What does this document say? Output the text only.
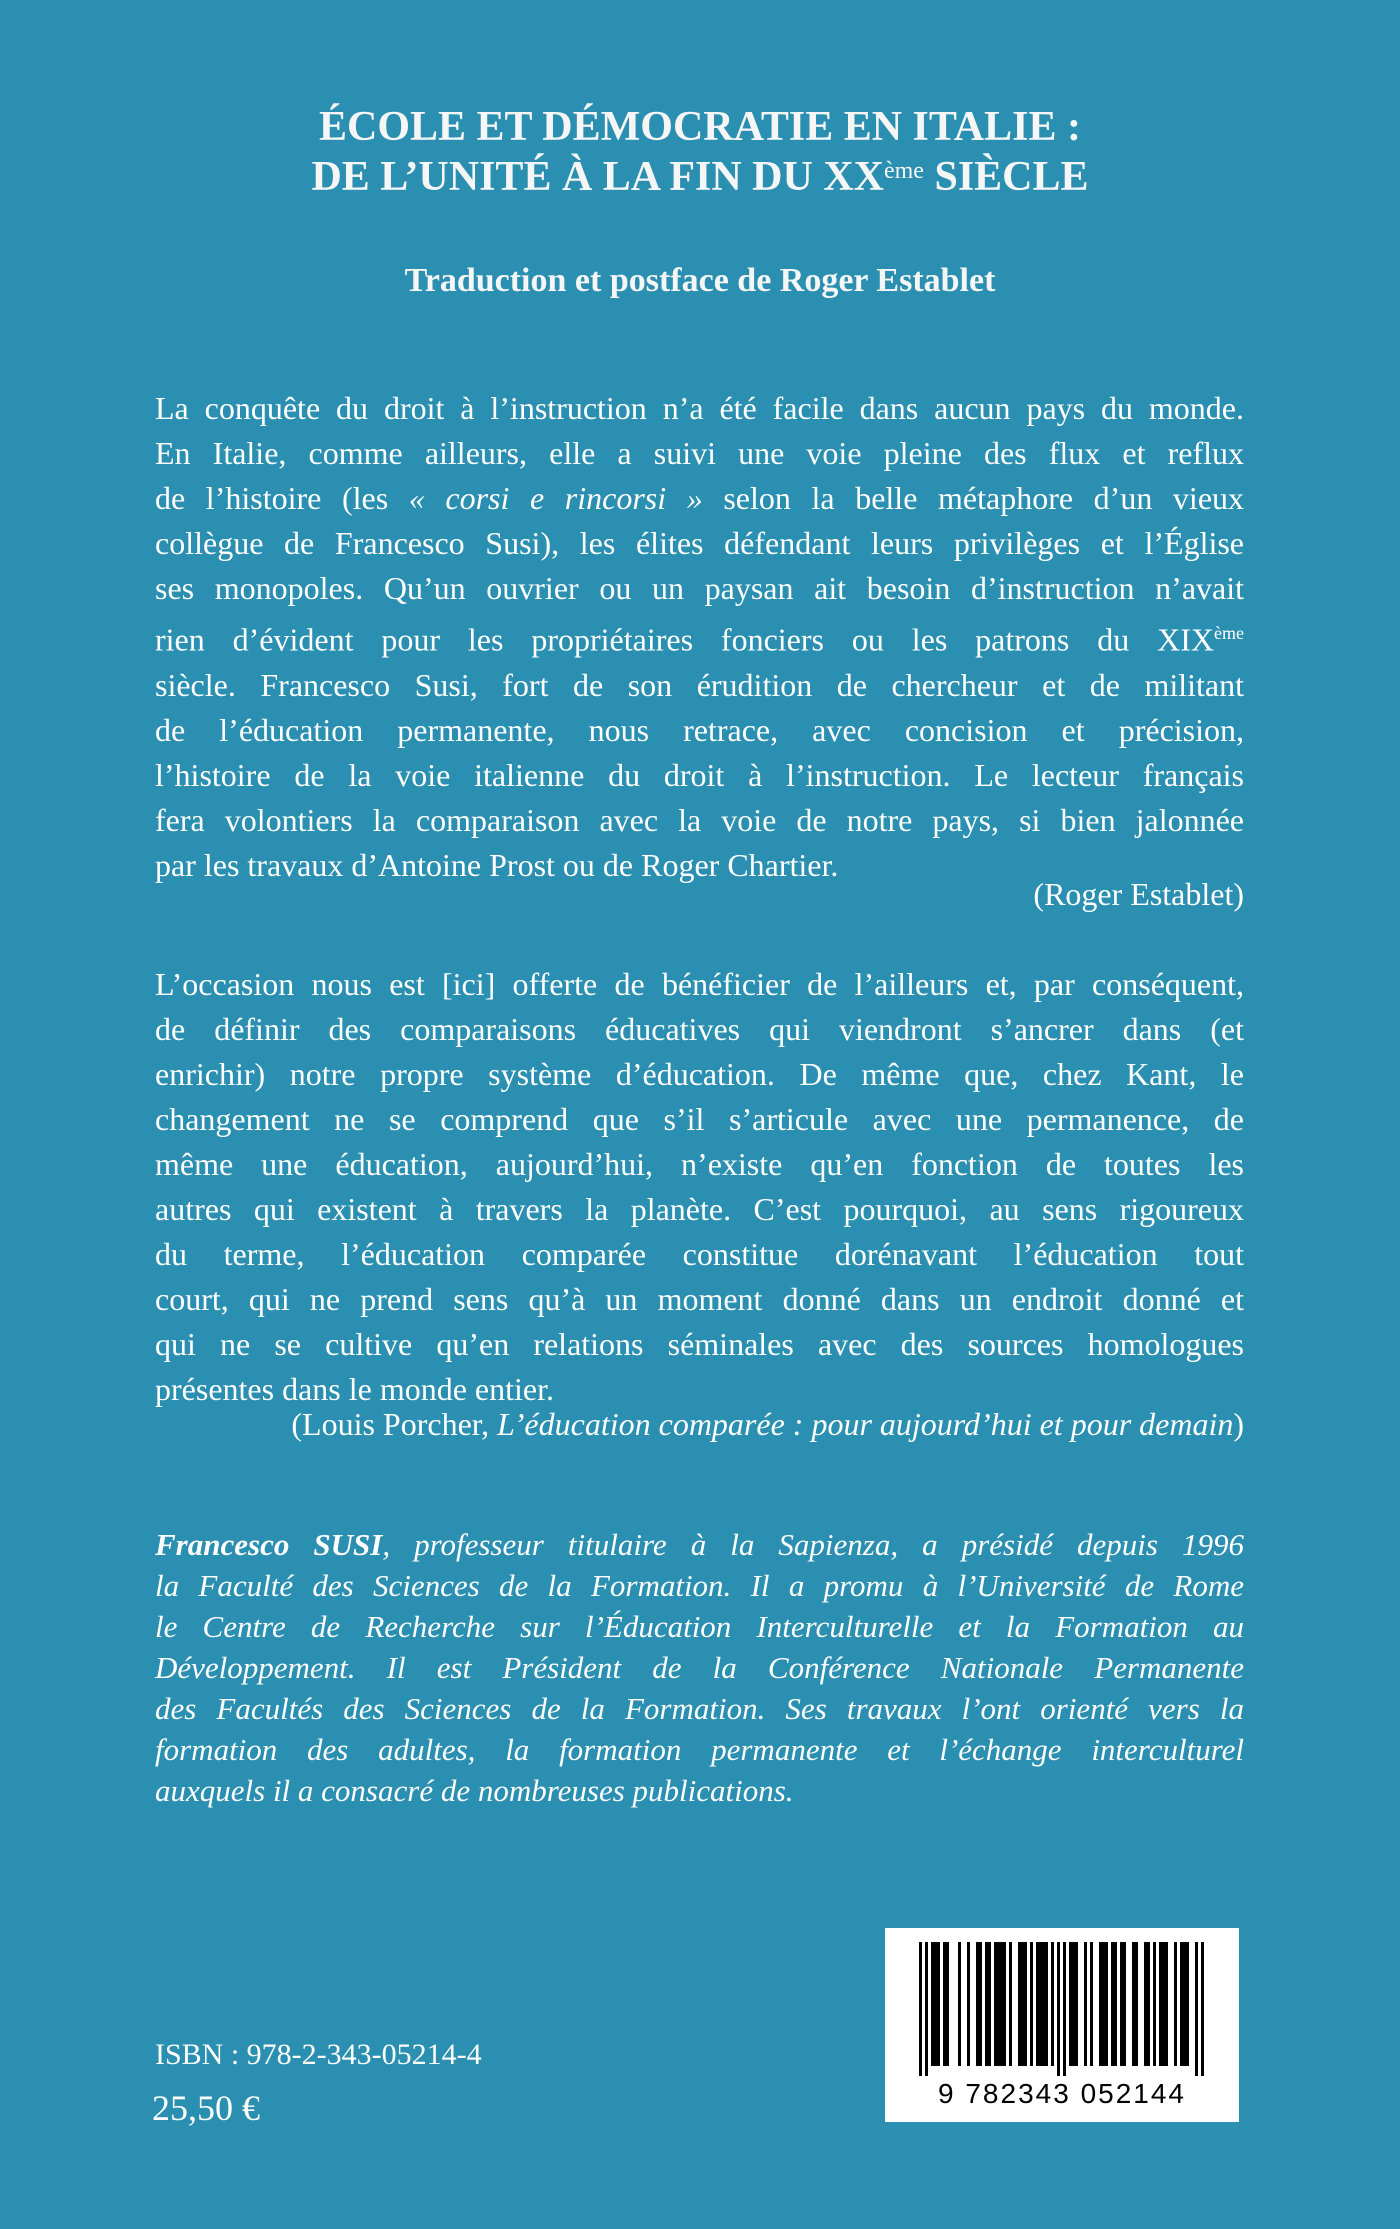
ÉCOLE ET DÉMOCRATIE EN ITALIE :
DE L’UNITÉ À LA FIN DU XXème SIÈCLE
Traduction et postface de Roger Establet
La conquête du droit à l’instruction n’a été facile dans aucun pays du monde.
En Italie, comme ailleurs, elle a suivi une voie pleine des flux et reflux
de l’histoire (les « corsi e rincorsi » selon la belle métaphore d’un vieux
collègue de Francesco Susi), les élites défendant leurs privilèges et l’Église
ses monopoles. Qu’un ouvrier ou un paysan ait besoin d’instruction n’avait
rien d’évident pour les propriétaires fonciers ou les patrons du XIXème
siècle. Francesco Susi, fort de son érudition de chercheur et de militant
de l’éducation permanente, nous retrace, avec concision et précision,
l’histoire de la voie italienne du droit à l’instruction. Le lecteur français
fera volontiers la comparaison avec la voie de notre pays, si bien jalonnée
par les travaux d’Antoine Prost ou de Roger Chartier.
(Roger Establet)
L’occasion nous est [ici] offerte de bénéficier de l’ailleurs et, par conséquent,
de définir des comparaisons éducatives qui viendront s’ancrer dans (et
enrichir) notre propre système d’éducation. De même que, chez Kant, le
changement ne se comprend que s’il s’articule avec une permanence, de
même une éducation, aujourd’hui, n’existe qu’en fonction de toutes les
autres qui existent à travers la planète. C’est pourquoi, au sens rigoureux
du terme, l’éducation comparée constitue dorénavant l’éducation tout
court, qui ne prend sens qu’à un moment donné dans un endroit donné et
qui ne se cultive qu’en relations séminales avec des sources homologues
présentes dans le monde entier.
(Louis Porcher, L’éducation comparée : pour aujourd’hui et pour demain)
Francesco SUSI, professeur titulaire à la Sapienza, a présidé depuis 1996
la Faculté des Sciences de la Formation. Il a promu à l’Université de Rome
le Centre de Recherche sur l’Éducation Interculturelle et la Formation au
Développement. Il est Président de la Conférence Nationale Permanente
des Facultés des Sciences de la Formation. Ses travaux l’ont orienté vers la
formation des adultes, la formation permanente et l’échange interculturel
auxquels il a consacré de nombreuses publications.
ISBN : 978-2-343-05214-4
25,50 €	9 782343 052144
